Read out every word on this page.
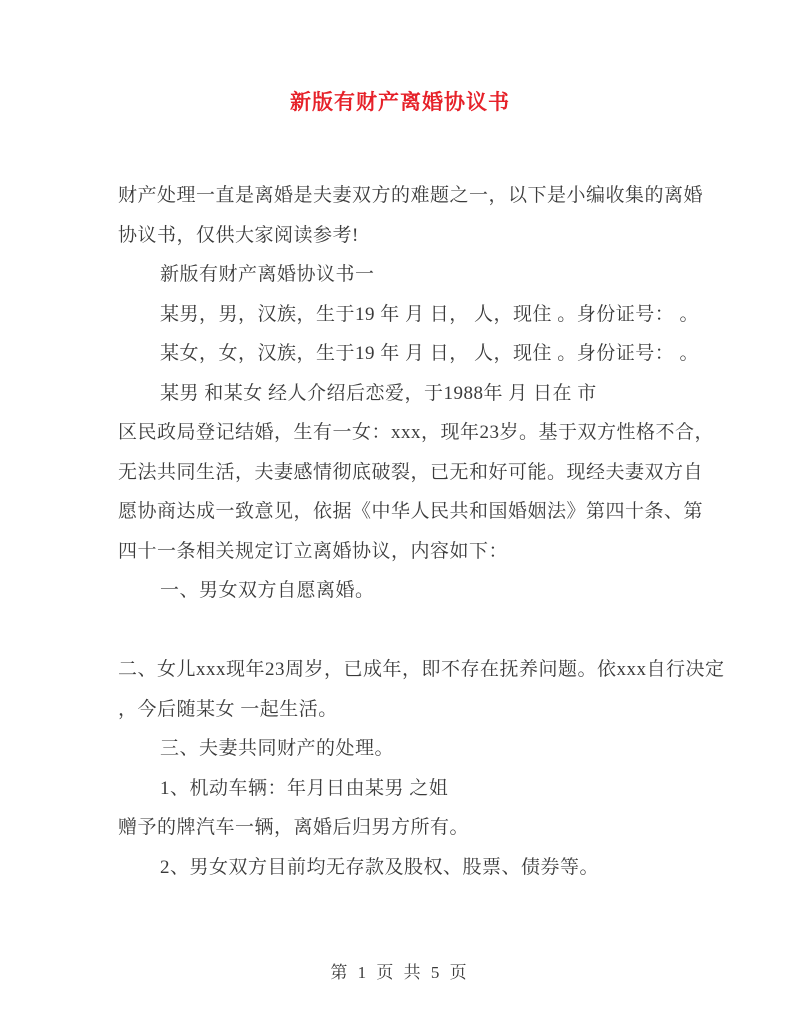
新版有财产离婚协议书
财产处理一直是离婚是夫妻双方的难题之一，以下是小编收集的离婚
协议书，仅供大家阅读参考!
新版有财产离婚协议书一
某男，男，汉族，生于19 年 月 日， 人，现住 。身份证号： 。
某女，女，汉族，生于19 年 月 日， 人，现住 。身份证号： 。
某男 和某女 经人介绍后恋爱，于1988年 月 日在 市
区民政局登记结婚，生有一女：xxx，现年23岁。基于双方性格不合，
无法共同生活，夫妻感情彻底破裂，已无和好可能。现经夫妻双方自
愿协商达成一致意见，依据《中华人民共和国婚姻法》第四十条、第
四十一条相关规定订立离婚协议，内容如下：
一、男女双方自愿离婚。
二、女儿xxx现年23周岁，已成年，即不存在抚养问题。依xxx自行决定
，今后随某女 一起生活。
三、夫妻共同财产的处理。
1、机动车辆：年月日由某男 之姐
赠予的牌汽车一辆，离婚后归男方所有。
2、男女双方目前均无存款及股权、股票、债券等。
第 1 页 共 5 页
